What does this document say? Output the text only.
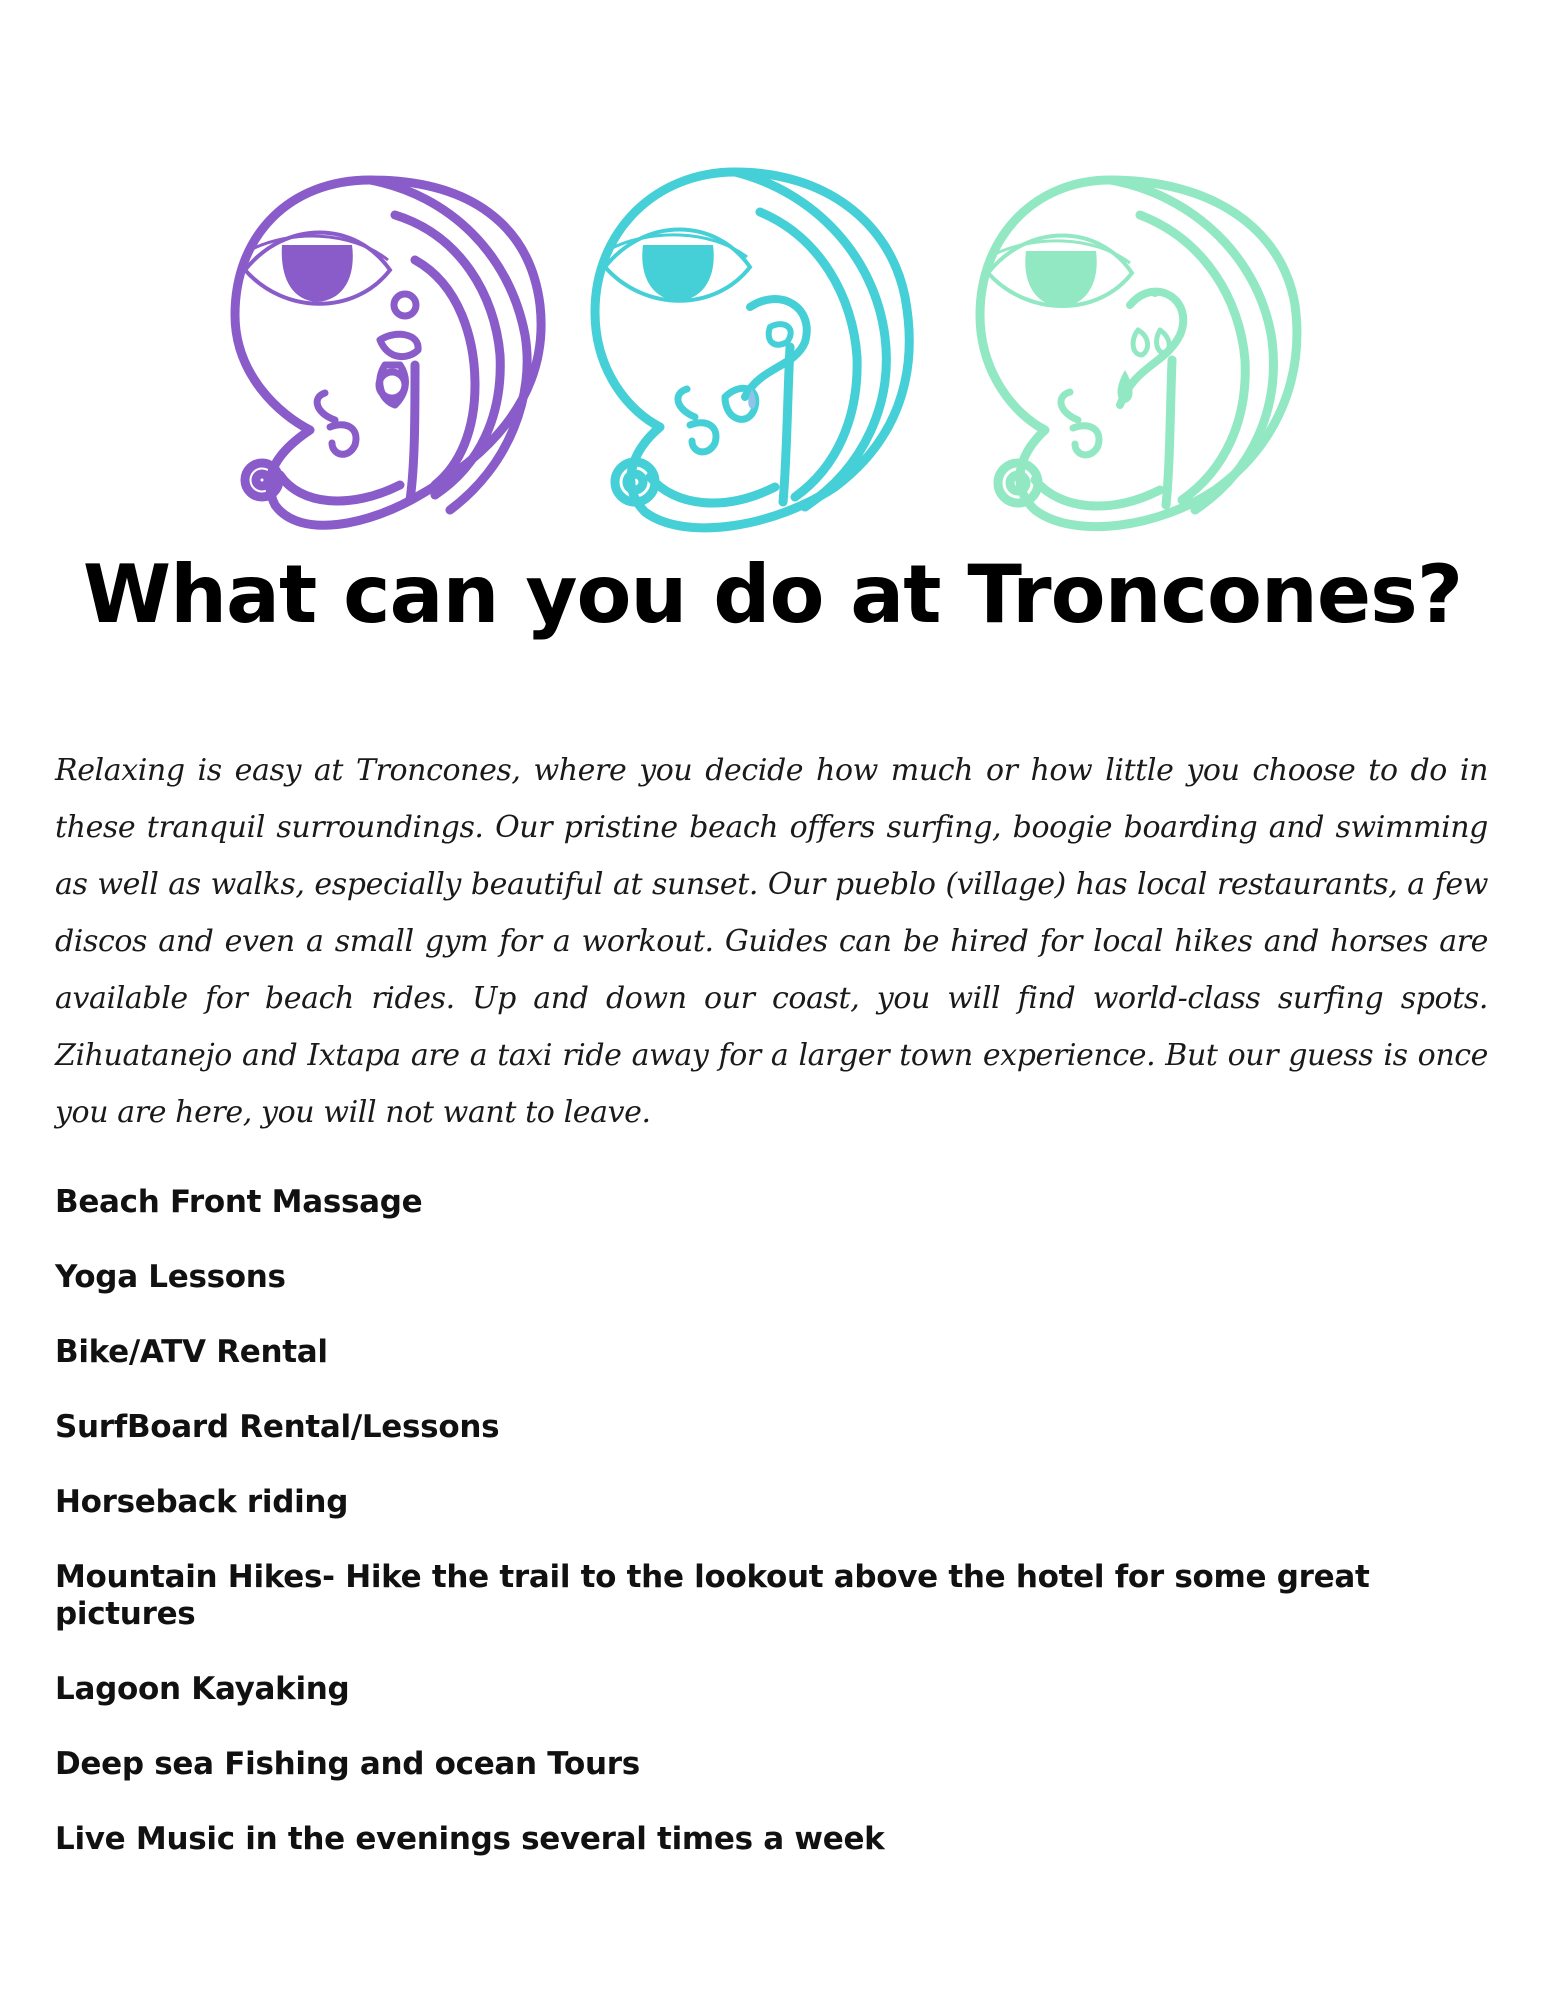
What can you do at Troncones?

Relaxing is easy at Troncones, where you decide how much or how little you choose to do in these tranquil surroundings. Our pristine beach offers surfing, boogie boarding and swimming as well as walks, especially beautiful at sunset. Our pueblo (village) has local restaurants, a few discos and even a small gym for a workout. Guides can be hired for local hikes and horses are available for beach rides. Up and down our coast, you will find world-class surfing spots. Zihuatanejo and Ixtapa are a taxi ride away for a larger town experience. But our guess is once you are here, you will not want to leave.

Beach Front Massage
Yoga Lessons
Bike/ATV Rental
SurfBoard Rental/Lessons
Horseback riding
Mountain Hikes- Hike the trail to the lookout above the hotel for some great pictures
Lagoon Kayaking
Deep sea Fishing and ocean Tours
Live Music in the evenings several times a week
